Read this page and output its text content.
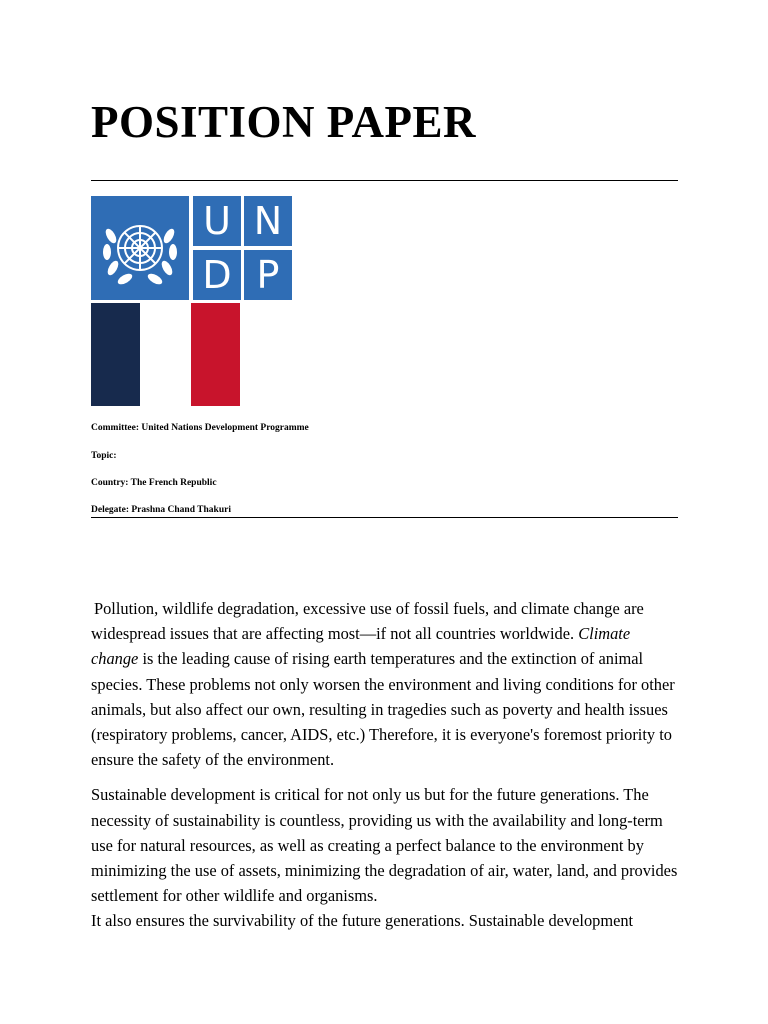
POSITION PAPER
U N
D P
Committee: United Nations Development Programme
Topic:
Country: The French Republic
Delegate: Prashna Chand Thakuri

Pollution, wildlife degradation, excessive use of fossil fuels, and climate change are widespread issues that are affecting most—if not all countries worldwide. Climate change is the leading cause of rising earth temperatures and the extinction of animal species. These problems not only worsen the environment and living conditions for other animals, but also affect our own, resulting in tragedies such as poverty and health issues (respiratory problems, cancer, AIDS, etc.) Therefore, it is everyone's foremost priority to ensure the safety of the environment.

Sustainable development is critical for not only us but for the future generations. The necessity of sustainability is countless, providing us with the availability and long-term use for natural resources, as well as creating a perfect balance to the environment by minimizing the use of assets, minimizing the degradation of air, water, land, and provides settlement for other wildlife and organisms.

It also ensures the survivability of the future generations. Sustainable development
